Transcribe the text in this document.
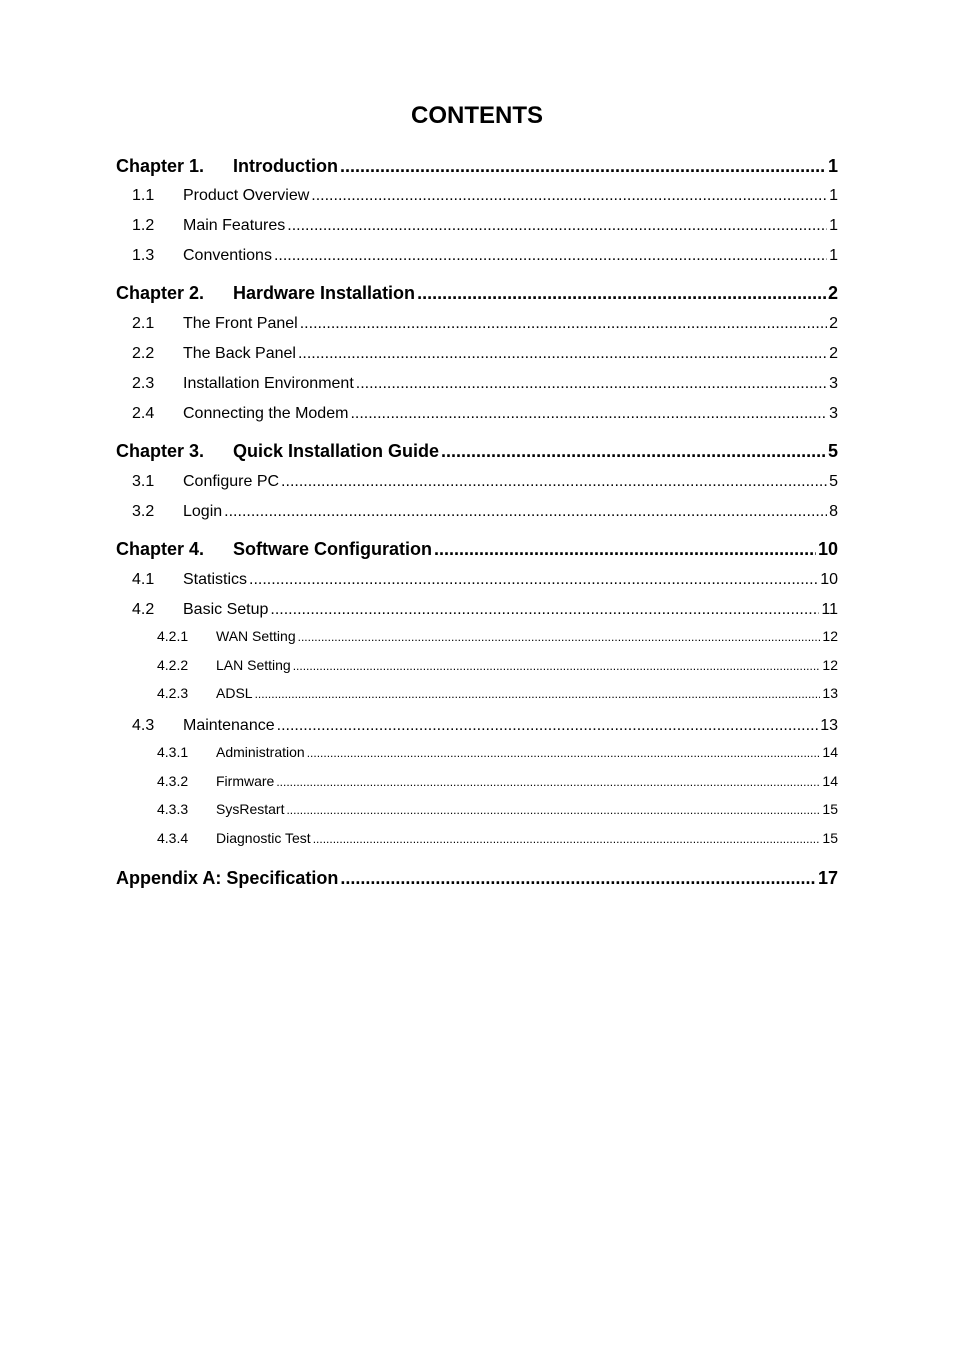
CONTENTS
Chapter 1.	Introduction .....	1
1.1	Product Overview .....	1
1.2	Main Features .....	1
1.3	Conventions .....	1
Chapter 2.	Hardware Installation .....	2
2.1	The Front Panel .....	2
2.2	The Back Panel .....	2
2.3	Installation Environment .....	3
2.4	Connecting the Modem .....	3
Chapter 3.	Quick Installation Guide .....	5
3.1	Configure PC .....	5
3.2	Login .....	8
Chapter 4.	Software Configuration .....	10
4.1	Statistics .....	10
4.2	Basic Setup .....	11
4.2.1	WAN Setting .....	12
4.2.2	LAN Setting .....	12
4.2.3	ADSL .....	13
4.3	Maintenance .....	13
4.3.1	Administration .....	14
4.3.2	Firmware .....	14
4.3.3	SysRestart .....	15
4.3.4	Diagnostic Test .....	15
Appendix A: Specification .....	17
